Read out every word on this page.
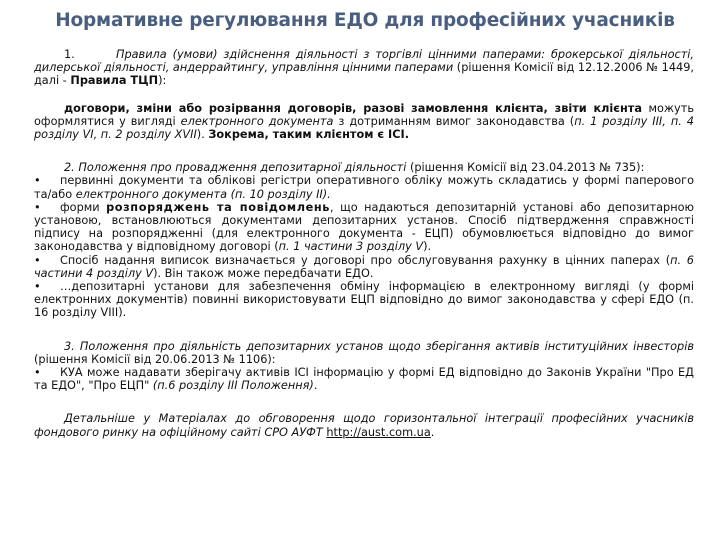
Нормативне регулювання ЕДО для професійних учасників

1.	Правила (умови) здійснення діяльності з торгівлі цінними паперами: брокерської діяльності, дилерської діяльності, андеррайтингу, управління цінними паперами (рішення Комісії від 12.12.2006 № 1449, далі - Правила ТЦП):

договори, зміни або розірвання договорів, разові замовлення клієнта, звіти клієнта можуть оформлятися у вигляді електронного документа з дотриманням вимог законодавства (п. 1 розділу III, п. 4 розділу VI, п. 2 розділу XVII). Зокрема, таким клієнтом є ІСІ.

2. Положення про провадження депозитарної діяльності (рішення Комісії від 23.04.2013 № 735):

• первинні документи та облікові регістри оперативного обліку можуть складатись у формі паперового та/або електронного документа (п. 10 розділу II).

• форми розпоряджень та повідомлень, що надаються депозитарній установі або депозитарною установою, встановлюються документами депозитарних установ. Спосіб підтвердження справжності підпису на розпорядженні (для електронного документа - ЕЦП) обумовлюється відповідно до вимог законодавства у відповідному договорі (п. 1 частини 3 розділу V).

• Спосіб надання виписок визначається у договорі про обслуговування рахунку в цінних паперах (п. 6 частини 4 розділу V). Він також може передбачати ЕДО.

• …депозитарні установи для забезпечення обміну інформацією в електронному вигляді (у формі електронних документів) повинні використовувати ЕЦП відповідно до вимог законодавства у сфері ЕДО (п. 16 розділу VIII).

3. Положення про діяльність депозитарних установ щодо зберігання активів інституційних інвесторів (рішення Комісії від 20.06.2013 № 1106):

• КУА може надавати зберігачу активів ІСІ інформацію у формі ЕД відповідно до Законів України "Про ЕД та ЕДО", "Про ЕЦП" (п.6 розділу III Положення).

Детальніше у Матеріалах до обговорення щодо горизонтальної інтеграції професійних учасників фондового ринку на офіційному сайті СРО АУФТ http://aust.com.ua.
